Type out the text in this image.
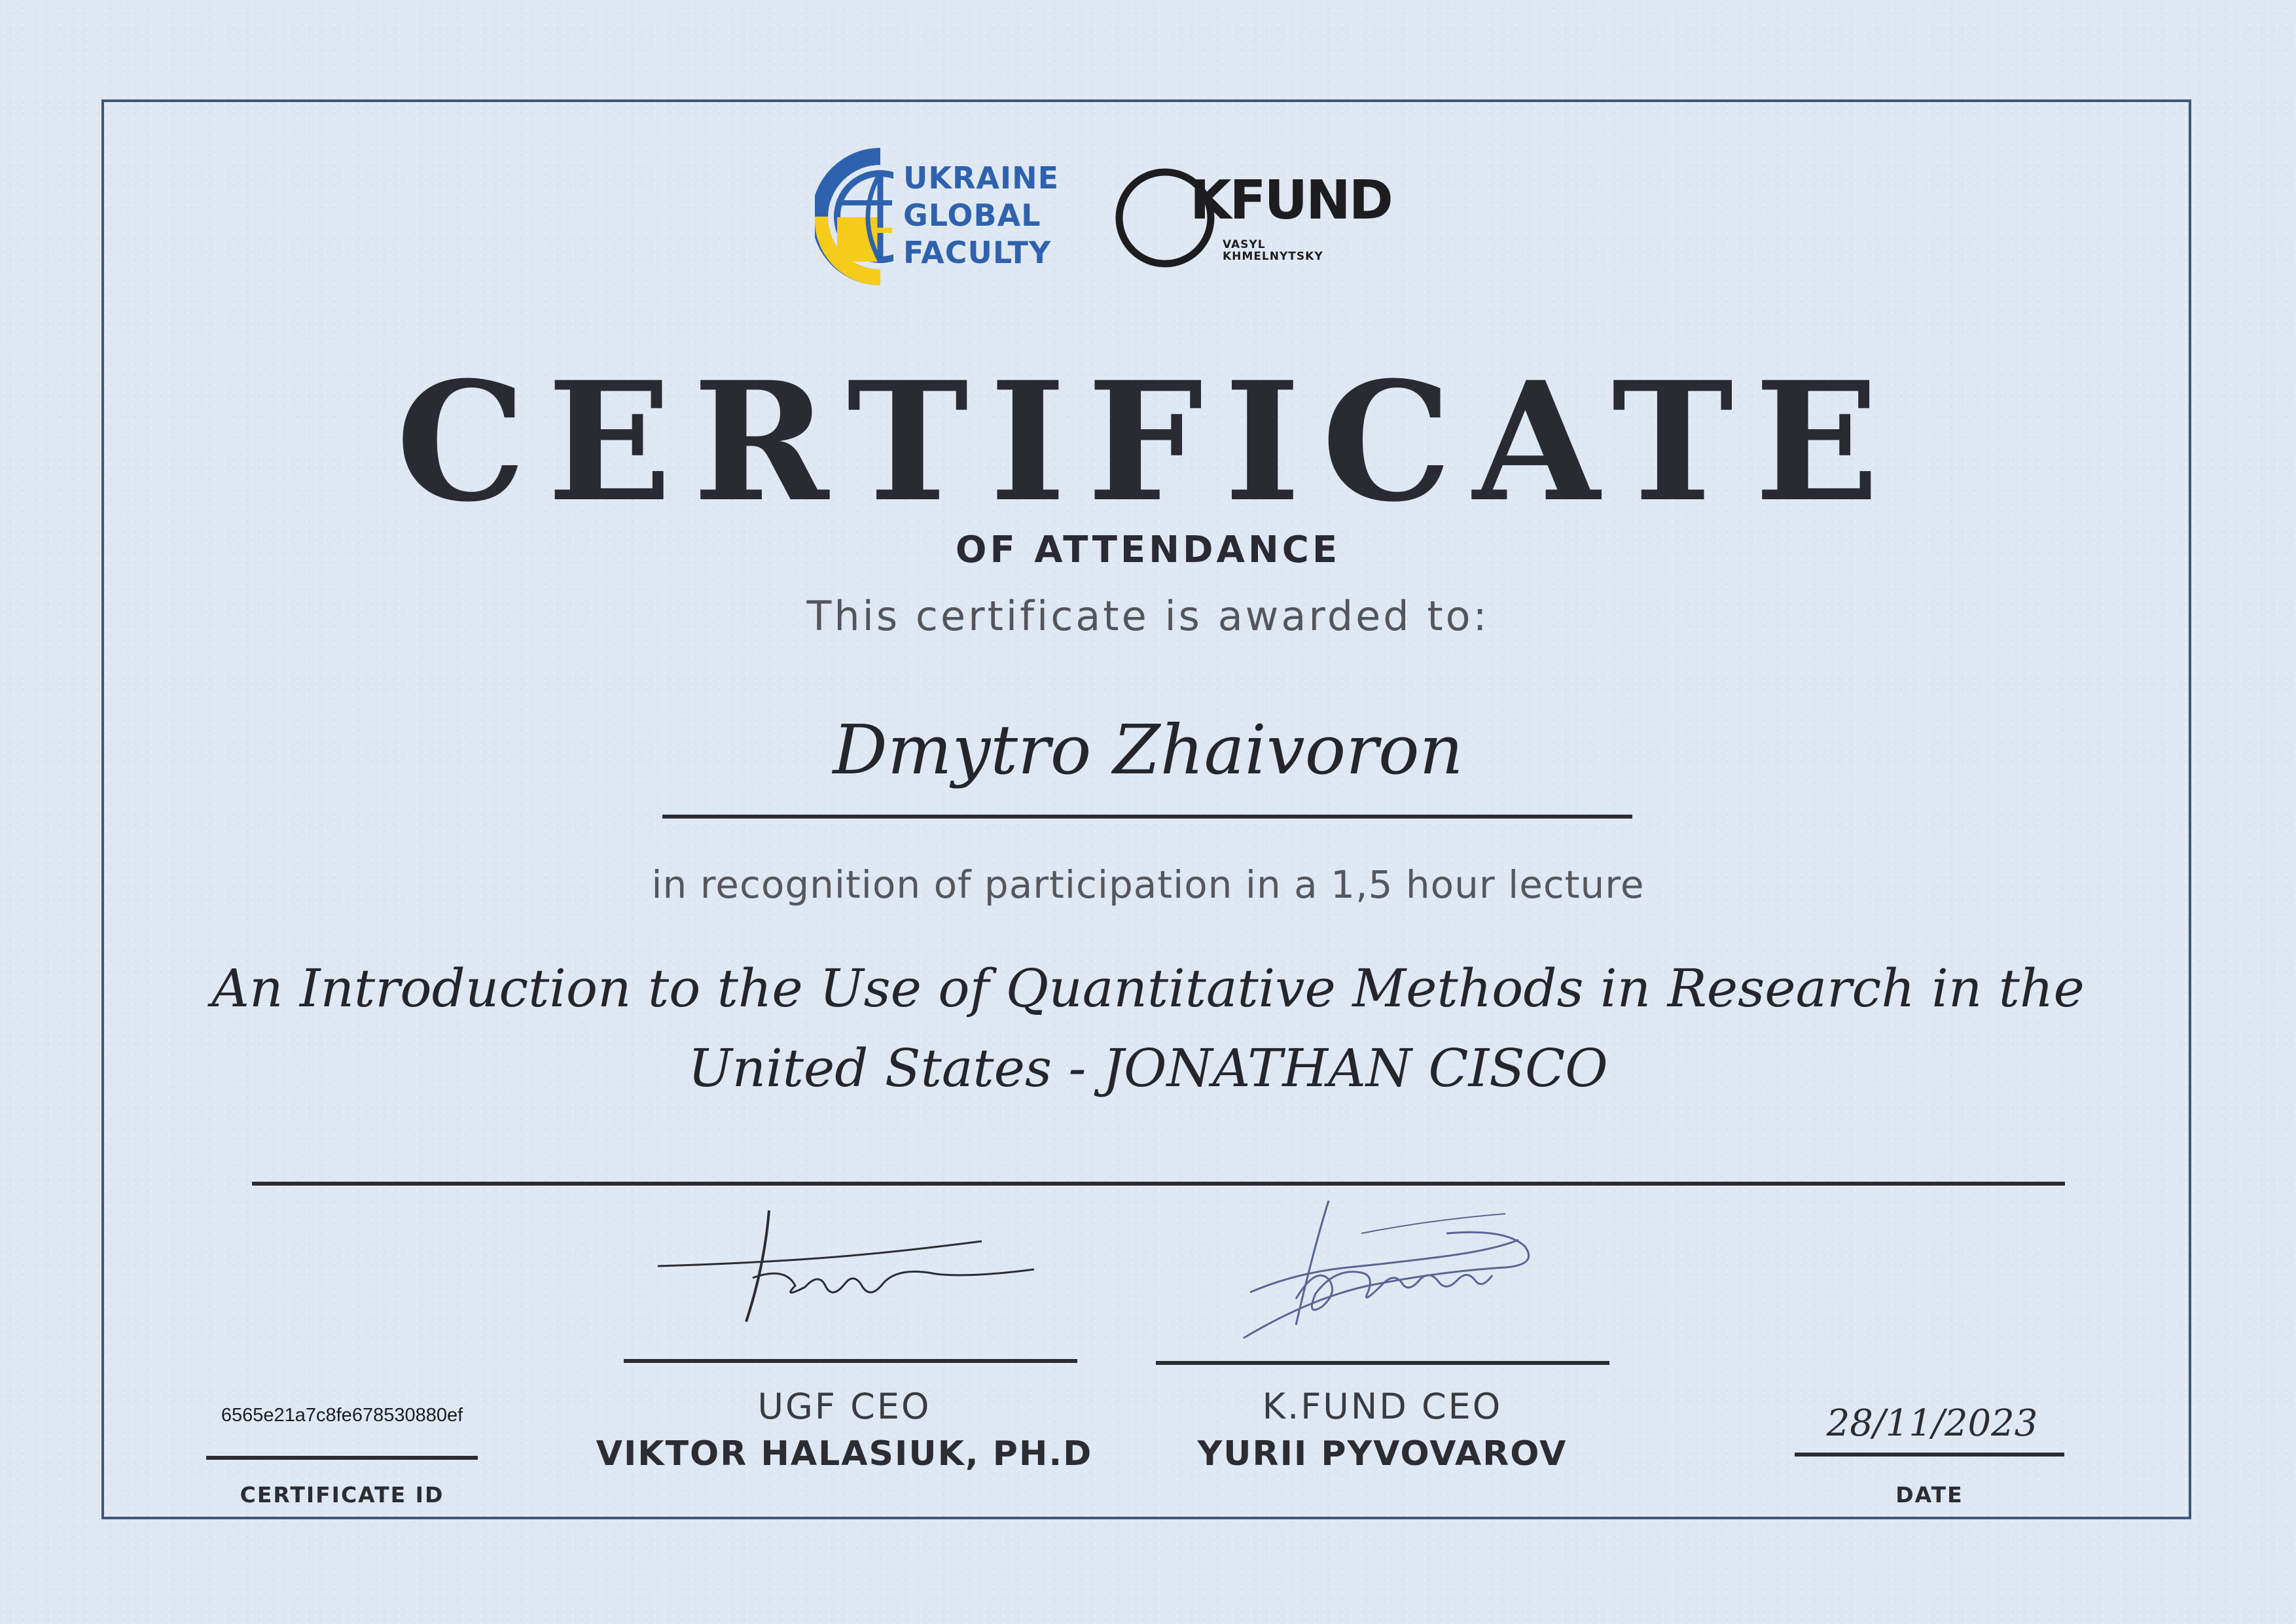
UKRAINE
GLOBAL
FACULTY
KFUND
VASYL
KHMELNYTSKY
CERTIFICATE
OF ATTENDANCE
This certificate is awarded to:
Dmytro Zhaivoron
in recognition of participation in a 1,5 hour lecture
An Introduction to the Use of Quantitative Methods in Research in the United States - JONATHAN CISCO
UGF CEO
VIKTOR HALASIUK, PH.D
K.FUND CEO
YURII PYVOVAROV
6565e21a7c8fe678530880ef
CERTIFICATE ID
28/11/2023
DATE
